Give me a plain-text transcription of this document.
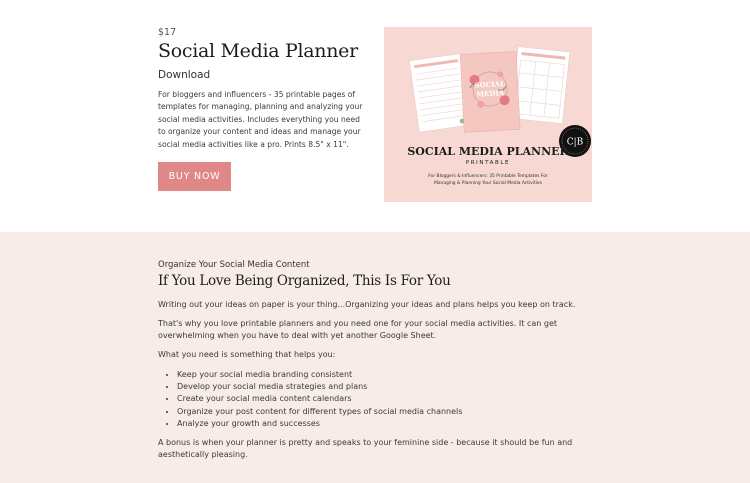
$17
Social Media Planner
Download

For bloggers and influencers - 35 printable pages of templates for managing, planning and analyzing your social media activities. Includes everything you need to organize your content and ideas and manage your social media activities like a pro. Prints 8.5" x 11".

BUY NOW
SOCIAL
MEDIA
C|B
SOCIAL MEDIA PLANNER
PRINTABLE
For Bloggers & Influencers: 35 Printable Templates For
Managing & Planning Your Social Media Activities
Organize Your Social Media Content
If You Love Being Organized, This Is For You

Writing out your ideas on paper is your thing...Organizing your ideas and plans helps you keep on track.

That's why you love printable planners and you need one for your social media activities. It can get overwhelming when you have to deal with yet another Google Sheet.

What you need is something that helps you:

• Keep your social media branding consistent
• Develop your social media strategies and plans
• Create your social media content calendars
• Organize your post content for different types of social media channels
• Analyze your growth and successes

A bonus is when your planner is pretty and speaks to your feminine side - because it should be fun and aesthetically pleasing.
